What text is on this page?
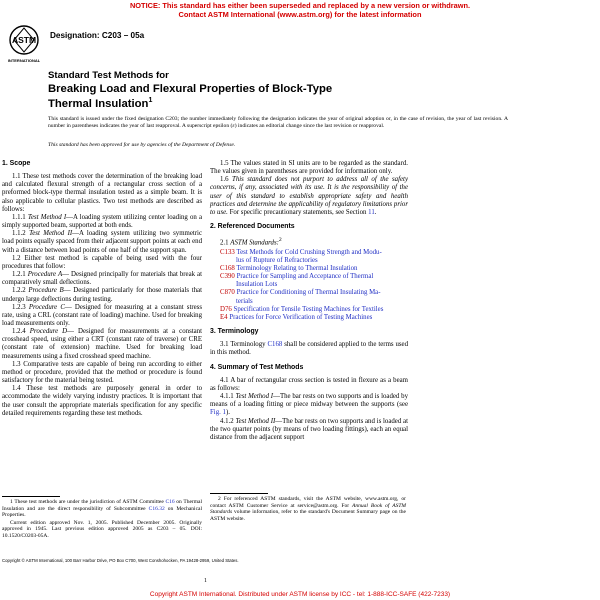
NOTICE: This standard has either been superseded and replaced by a new version or withdrawn.
Contact ASTM International (www.astm.org) for the latest information
ASTM
INTERNATIONAL
Designation: C203 – 05a
Standard Test Methods for
Breaking Load and Flexural Properties of Block-Type
Thermal Insulation$^1$
This standard is issued under the fixed designation C203; the number immediately following the designation indicates the year of original adoption or, in the case of revision, the year of last revision. A number in parentheses indicates the year of last reapproval. A superscript epsilon (ε) indicates an editorial change since the last revision or reapproval.
This standard has been approved for use by agencies of the Department of Defense.
1. Scope

1.1 These test methods cover the determination of the breaking load and calculated flexural strength of a rectangular cross section of a preformed block-type thermal insulation tested as a simple beam. It is also applicable to cellular plastics. Two test methods are described as follows:

1.1.1 Test Method I—A loading system utilizing center loading on a simply supported beam, supported at both ends.

1.1.2 Test Method II—A loading system utilizing two symmetric load points equally spaced from their adjacent support points at each end with a distance between load points of one half of the support span.

1.2 Either test method is capable of being used with the four procedures that follow:

1.2.1 Procedure A— Designed principally for materials that break at comparatively small deflections.

1.2.2 Procedure B— Designed particularly for those materials that undergo large deflections during testing.

1.2.3 Procedure C— Designed for measuring at a constant stress rate, using a CRL (constant rate of loading) machine. Used for breaking load measurements only.

1.2.4 Procedure D— Designed for measurements at a constant crosshead speed, using either a CRT (constant rate of traverse) or CRE (constant rate of extension) machine. Used for breaking load measurements using a fixed crosshead speed machine.

1.3 Comparative tests are capable of being run according to either method or procedure, provided that the method or procedure is found satisfactory for the material being tested.

1.4 These test methods are purposely general in order to accommodate the widely varying industry practices. It is important that the user consult the appropriate materials specification for any specific detailed requirements regarding these test methods.

1.5 The values stated in SI units are to be regarded as the standard. The values given in parentheses are provided for information only.

1.6 This standard does not purport to address all of the safety concerns, if any, associated with its use. It is the responsibility of the user of this standard to establish appropriate safety and health practices and determine the applicability of regulatory limitations prior to use. For specific precautionary statements, see Section 11.

2. Referenced Documents

2.1 ASTM Standards:$^2$

C133 Test Methods for Cold Crushing Strength and Modu-
lus of Rupture of Refractories
C168 Terminology Relating to Thermal Insulation
C390 Practice for Sampling and Acceptance of Thermal
Insulation Lots
C870 Practice for Conditioning of Thermal Insulating Ma-
terials
D76 Specification for Tensile Testing Machines for Textiles
E4 Practices for Force Verification of Testing Machines
3. Terminology

3.1 Terminology C168 shall be considered applied to the terms used in this method.

4. Summary of Test Methods

4.1 A bar of rectangular cross section is tested in flexure as a beam as follows:

4.1.1 Test Method I—The bar rests on two supports and is loaded by means of a loading fitting or piece midway between the supports (see Fig. 1).

4.1.2 Test Method II—The bar rests on two supports and is loaded at the two quarter points (by means of two loading fittings), each an equal distance from the adjacent support

1 These test methods are under the jurisdiction of ASTM Committee C16 on Thermal Insulation and are the direct responsibility of Subcommittee C16.32 on Mechanical Properties.

Current edition approved Nov. 1, 2005. Published December 2005. Originally approved in 1945. Last previous edition approved 2005 as C203 – 05. DOI: 10.1520/C0203-05A.

2 For referenced ASTM standards, visit the ASTM website, www.astm.org, or contact ASTM Customer Service at service@astm.org. For Annual Book of ASTM Standards volume information, refer to the standard's Document Summary page on the ASTM website.

Copyright © ASTM International, 100 Barr Harbor Drive, PO Box C700, West Conshohocken, PA 19428-2959, United States.
1
Copyright ASTM International. Distributed under ASTM license by ICC - tel: 1-888-ICC-SAFE (422-7233)
